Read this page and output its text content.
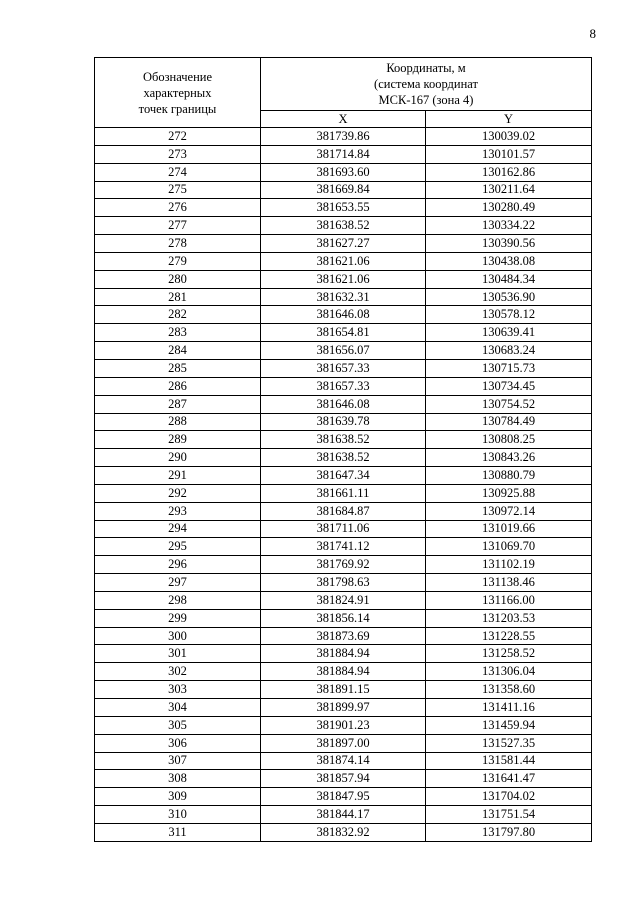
8
Обозначение
характерных
точек границы	Координаты, м
(система координат
МСК-167 (зона 4)	

	X	Y
272	381739.86	130039.02
273	381714.84	130101.57
274	381693.60	130162.86
275	381669.84	130211.64
276	381653.55	130280.49
277	381638.52	130334.22
278	381627.27	130390.56
279	381621.06	130438.08
280	381621.06	130484.34
281	381632.31	130536.90
282	381646.08	130578.12
283	381654.81	130639.41
284	381656.07	130683.24
285	381657.33	130715.73
286	381657.33	130734.45
287	381646.08	130754.52
288	381639.78	130784.49
289	381638.52	130808.25
290	381638.52	130843.26
291	381647.34	130880.79
292	381661.11	130925.88
293	381684.87	130972.14
294	381711.06	131019.66
295	381741.12	131069.70
296	381769.92	131102.19
297	381798.63	131138.46
298	381824.91	131166.00
299	381856.14	131203.53
300	381873.69	131228.55
301	381884.94	131258.52
302	381884.94	131306.04
303	381891.15	131358.60
304	381899.97	131411.16
305	381901.23	131459.94
306	381897.00	131527.35
307	381874.14	131581.44
308	381857.94	131641.47
309	381847.95	131704.02
310	381844.17	131751.54
311	381832.92	131797.80
